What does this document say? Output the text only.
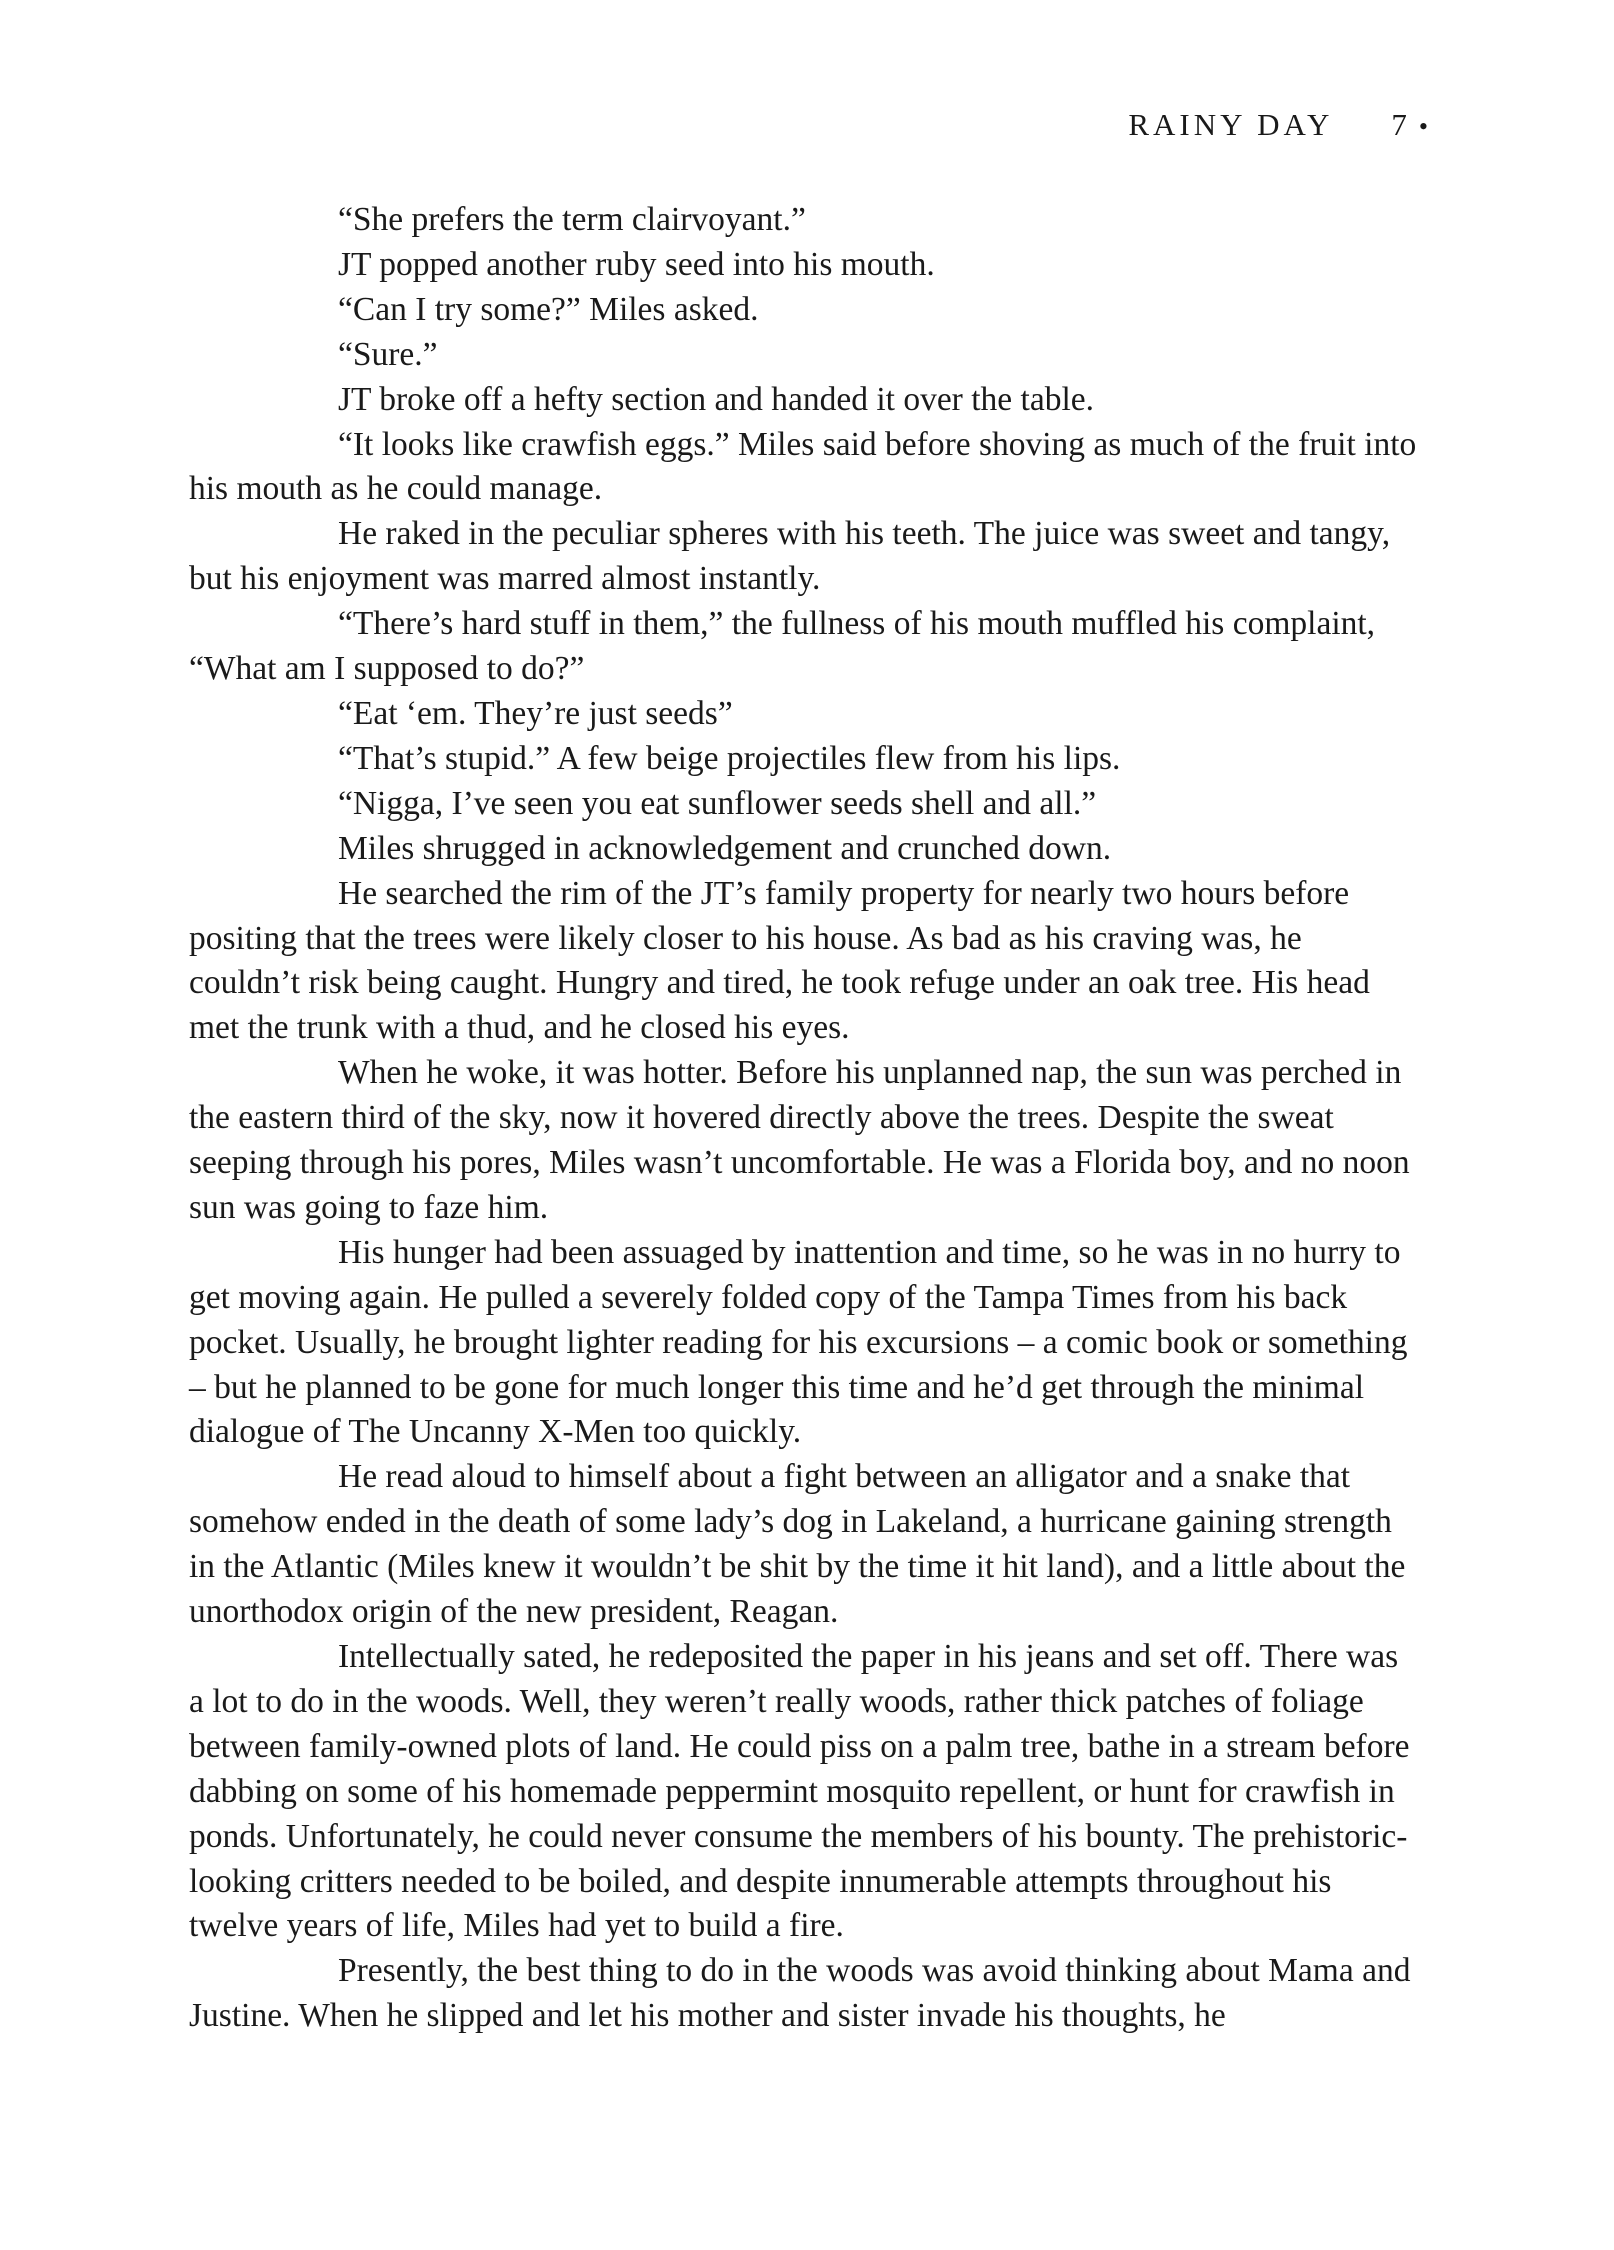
RAINY DAY 7 •

“She prefers the term clairvoyant.”

JT popped another ruby seed into his mouth.

“Can I try some?” Miles asked.

“Sure.”

JT broke off a hefty section and handed it over the table.

“It looks like crawfish eggs.” Miles said before shoving as much of the fruit into his mouth as he could manage.

He raked in the peculiar spheres with his teeth. The juice was sweet and tangy, but his enjoyment was marred almost instantly.

“There’s hard stuff in them,” the fullness of his mouth muffled his complaint, “What am I supposed to do?”

“Eat ‘em. They’re just seeds”

“That’s stupid.” A few beige projectiles flew from his lips.

“Nigga, I’ve seen you eat sunflower seeds shell and all.”

Miles shrugged in acknowledgement and crunched down.

He searched the rim of the JT’s family property for nearly two hours before positing that the trees were likely closer to his house. As bad as his craving was, he couldn’t risk being caught. Hungry and tired, he took refuge under an oak tree. His head met the trunk with a thud, and he closed his eyes.

When he woke, it was hotter. Before his unplanned nap, the sun was perched in the eastern third of the sky, now it hovered directly above the trees. Despite the sweat seeping through his pores, Miles wasn’t uncomfortable. He was a Florida boy, and no noon sun was going to faze him.

His hunger had been assuaged by inattention and time, so he was in no hurry to get moving again. He pulled a severely folded copy of the Tampa Times from his back pocket. Usually, he brought lighter reading for his excursions – a comic book or something – but he planned to be gone for much longer this time and he’d get through the minimal dialogue of The Uncanny X-Men too quickly.

He read aloud to himself about a fight between an alligator and a snake that somehow ended in the death of some lady’s dog in Lakeland, a hurricane gaining strength in the Atlantic (Miles knew it wouldn’t be shit by the time it hit land), and a little about the unorthodox origin of the new president, Reagan.

Intellectually sated, he redeposited the paper in his jeans and set off. There was a lot to do in the woods. Well, they weren’t really woods, rather thick patches of foliage between family-owned plots of land. He could piss on a palm tree, bathe in a stream before dabbing on some of his homemade peppermint mosquito repellent, or hunt for crawfish in ponds. Unfortunately, he could never consume the members of his bounty. The prehistoric-looking critters needed to be boiled, and despite innumerable attempts throughout his twelve years of life, Miles had yet to build a fire.

Presently, the best thing to do in the woods was avoid thinking about Mama and Justine. When he slipped and let his mother and sister invade his thoughts, he
